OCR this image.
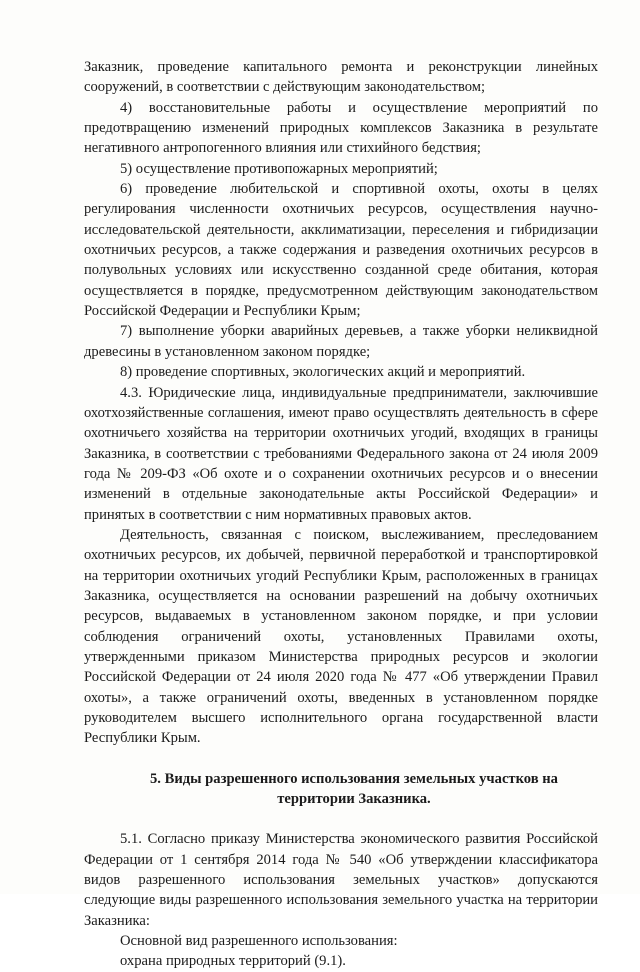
Заказник, проведение капитального ремонта и реконструкции линейных сооружений, в соответствии с действующим законодательством;

4) восстановительные работы и осуществление мероприятий по предотвращению изменений природных комплексов Заказника в результате негативного антропогенного влияния или стихийного бедствия;

5) осуществление противопожарных мероприятий;

6) проведение любительской и спортивной охоты, охоты в целях регулирования численности охотничьих ресурсов, осуществления научно-исследовательской деятельности, акклиматизации, переселения и гибридизации охотничьих ресурсов, а также содержания и разведения охотничьих ресурсов в полувольных условиях или искусственно созданной среде обитания, которая осуществляется в порядке, предусмотренном действующим законодательством Российской Федерации и Республики Крым;

7) выполнение уборки аварийных деревьев, а также уборки неликвидной древесины в установленном законом порядке;

8) проведение спортивных, экологических акций и мероприятий.

4.3. Юридические лица, индивидуальные предприниматели, заключившие охотхозяйственные соглашения, имеют право осуществлять деятельность в сфере охотничьего хозяйства на территории охотничьих угодий, входящих в границы Заказника, в соответствии с требованиями Федерального закона от 24 июля 2009 года № 209-ФЗ «Об охоте и о сохранении охотничьих ресурсов и о внесении изменений в отдельные законодательные акты Российской Федерации» и принятых в соответствии с ним нормативных правовых актов.

Деятельность, связанная с поиском, выслеживанием, преследованием охотничьих ресурсов, их добычей, первичной переработкой и транспортировкой на территории охотничьих угодий Республики Крым, расположенных в границах Заказника, осуществляется на основании разрешений на добычу охотничьих ресурсов, выдаваемых в установленном законом порядке, и при условии соблюдения ограничений охоты, установленных Правилами охоты, утвержденными приказом Министерства природных ресурсов и экологии Российской Федерации от 24 июля 2020 года № 477 «Об утверждении Правил охоты», а также ограничений охоты, введенных в установленном порядке руководителем высшего исполнительного органа государственной власти Республики Крым.

5. Виды разрешенного использования земельных участков на территории Заказника.

5.1. Согласно приказу Министерства экономического развития Российской Федерации от 1 сентября 2014 года № 540 «Об утверждении классификатора видов разрешенного использования земельных участков» допускаются следующие виды разрешенного использования земельного участка на территории Заказника:

Основной вид разрешенного использования:

охрана природных территорий (9.1).
